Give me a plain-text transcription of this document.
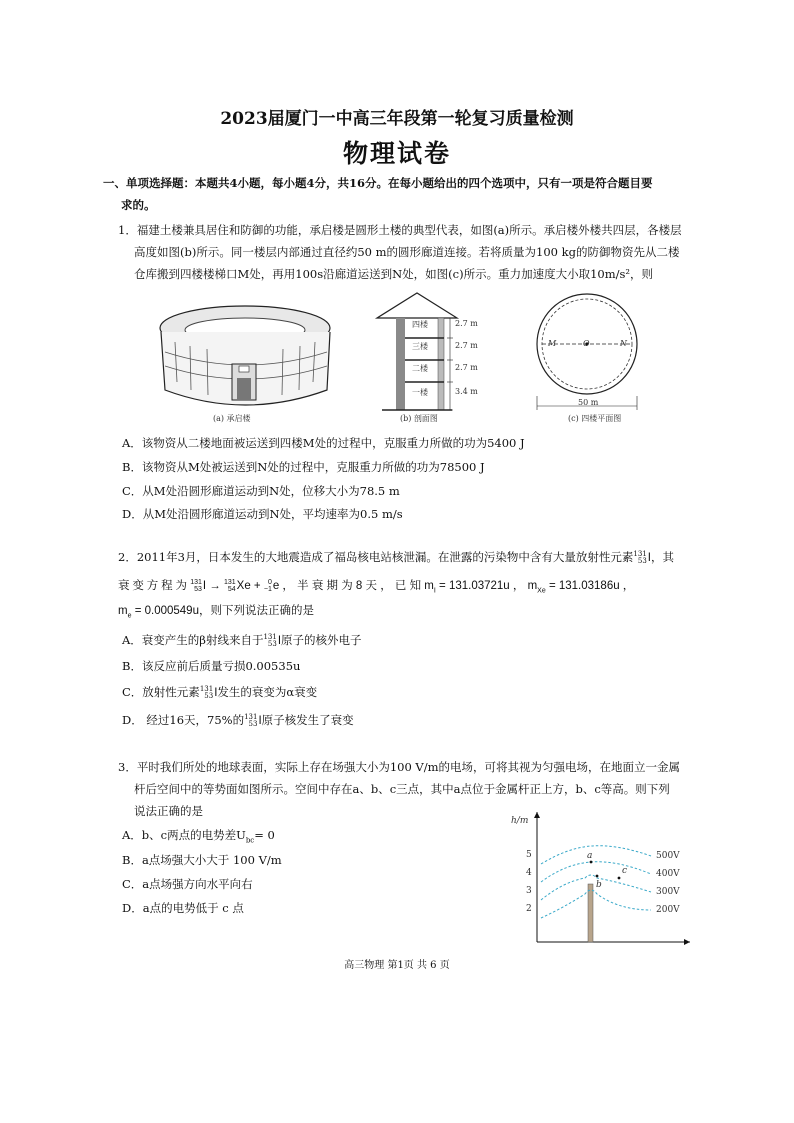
2023届厦门一中高三年段第一轮复习质量检测
物理试卷
一、单项选择题：本题共4小题，每小题4分，共16分。在每小题给出的四个选项中，只有一项是符合题目要
求的。
1．福建土楼兼具居住和防御的功能，承启楼是圆形土楼的典型代表，如图(a)所示。承启楼外楼共四层，各楼层
高度如图(b)所示。同一楼层内部通过直径约50 m的圆形廊道连接。若将质量为100 kg的防御物资先从二楼
仓库搬到四楼楼梯口M处，再用100s沿廊道运送到N处，如图(c)所示。重力加速度大小取10m/s²，则
(a) 承启楼
四楼
三楼
二楼
一楼
2.7 m
2.7 m
2.7 m
3.4 m
(b) 剖面图
M	O	N
50 m
(c) 四楼平面图
A．该物资从二楼地面被运送到四楼M处的过程中，克服重力所做的功为5400 J
B．该物资从M处被运送到N处的过程中，克服重力所做的功为78500 J
C．从M处沿圆形廊道运动到N处，位移大小为78.5 m
D．从M处沿圆形廊道运动到N处，平均速率为0.5 m/s
2．2011年3月，日本发生的大地震造成了福岛核电站核泄漏。在泄露的污染物中含有大量放射性元素131
53I，其
衰 变 方 程 为 131
53I → 131
54Xe + 0
−1e ， 半 衰 期 为 8 天 ， 已 知 $m_I = 131.03721u$ ， $m_{Xe} = 131.03186u$ ，
$m_e = 0.000549u$，则下列说法正确的是
A．衰变产生的β射线来自于131
53I原子的核外电子
B．该反应前后质量亏损0.00535u
C．放射性元素131
53I发生的衰变为α衰变
D． 经过16天，75%的131
53I原子核发生了衰变
3．平时我们所处的地球表面，实际上存在场强大小为100 V/m的电场，可将其视为匀强电场，在地面立一金属
杆后空间中的等势面如图所示。空间中存在a、b、c三点，其中a点位于金属杆正上方，b、c等高。则下列
说法正确的是
A．b、c两点的电势差$U_{bc}= 0$
B．a点场强大小大于 100 V/m
C．a点场强方向水平向右
D．a点的电势低于 c 点
h/m
5
4
3
2
500V
400V
300V
200V
a
b
c
高三物理 第1页 共 6 页
